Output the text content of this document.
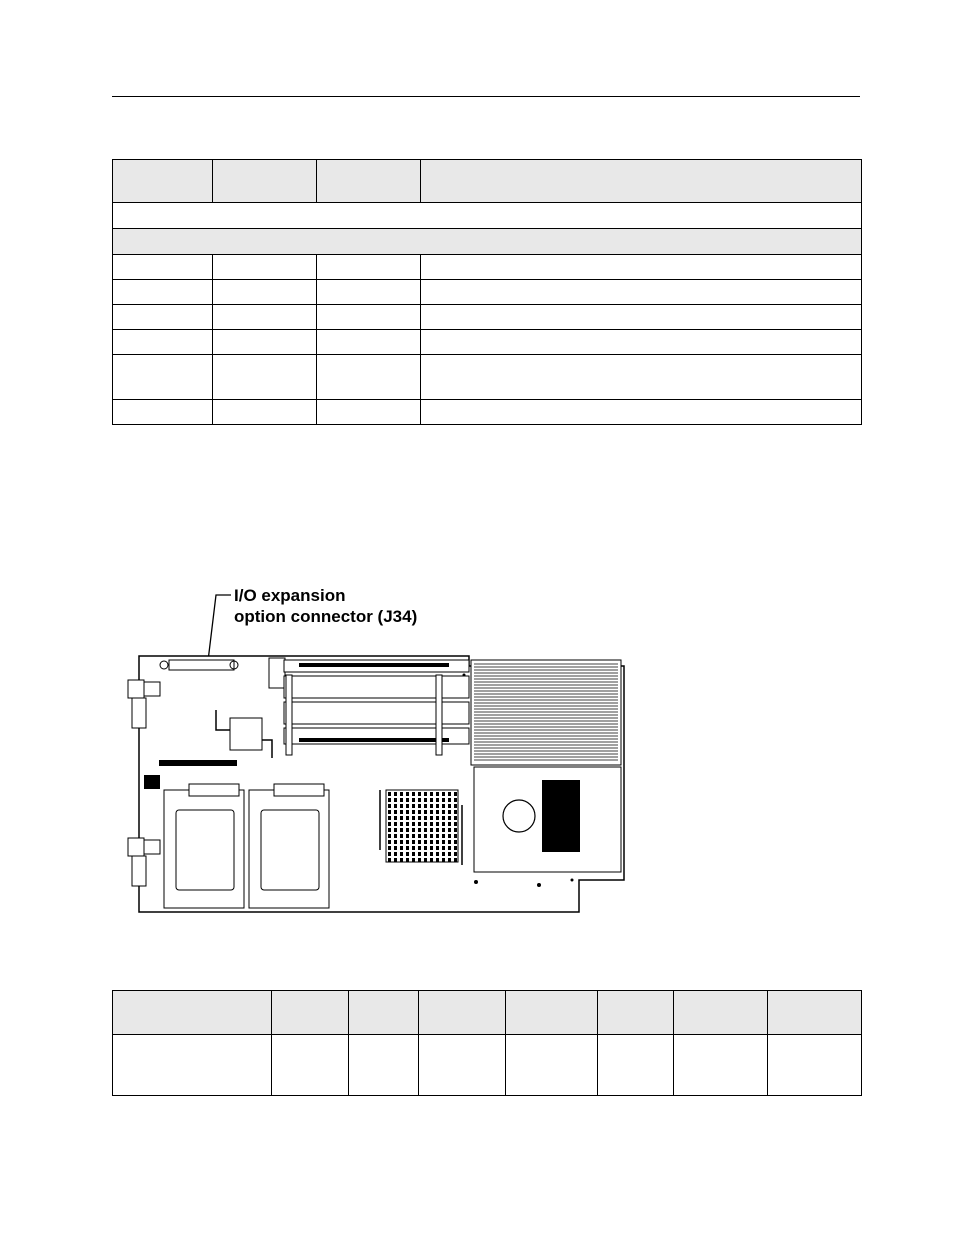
I/O expansion
option connector (J34)
